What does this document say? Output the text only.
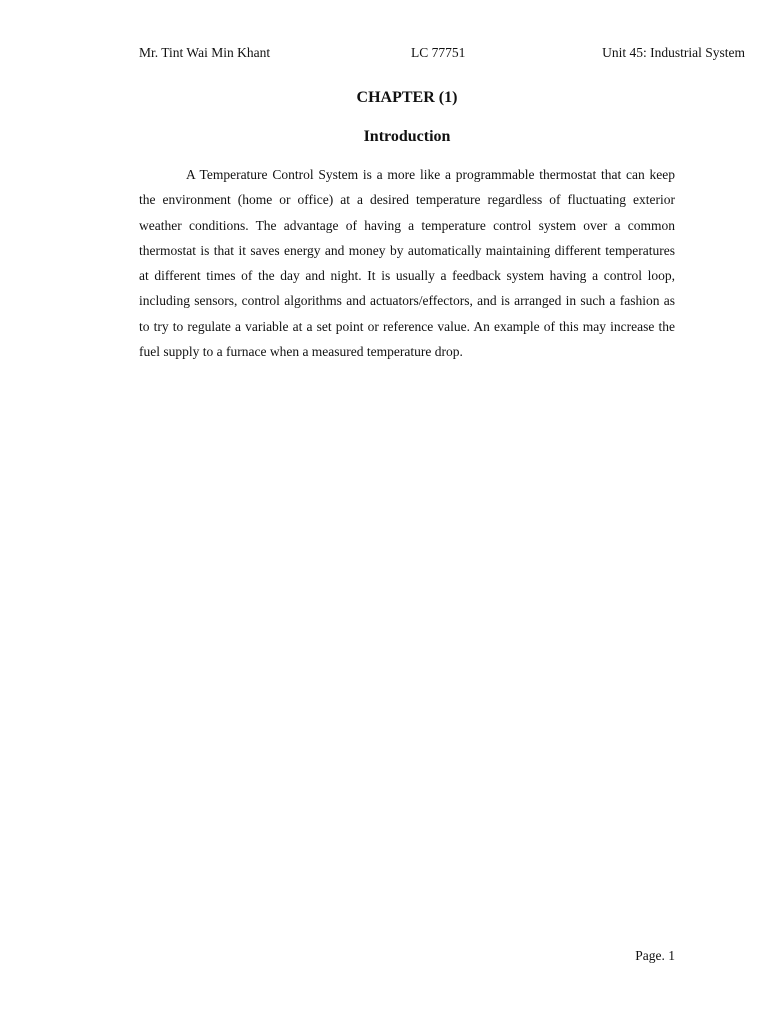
Mr. Tint Wai Min Khant	LC 77751	Unit 45: Industrial System
CHAPTER (1)
Introduction

A Temperature Control System is a more like a programmable thermostat that can keep the environment (home or office) at a desired temperature regardless of fluctuating exterior weather conditions. The advantage of having a temperature control system over a common thermostat is that it saves energy and money by automatically maintaining different temperatures at different times of the day and night. It is usually a feedback system having a control loop, including sensors, control algorithms and actuators/effectors, and is arranged in such a fashion as to try to regulate a variable at a set point or reference value. An example of this may increase the fuel supply to a furnace when a measured temperature drop.

Page. 1
